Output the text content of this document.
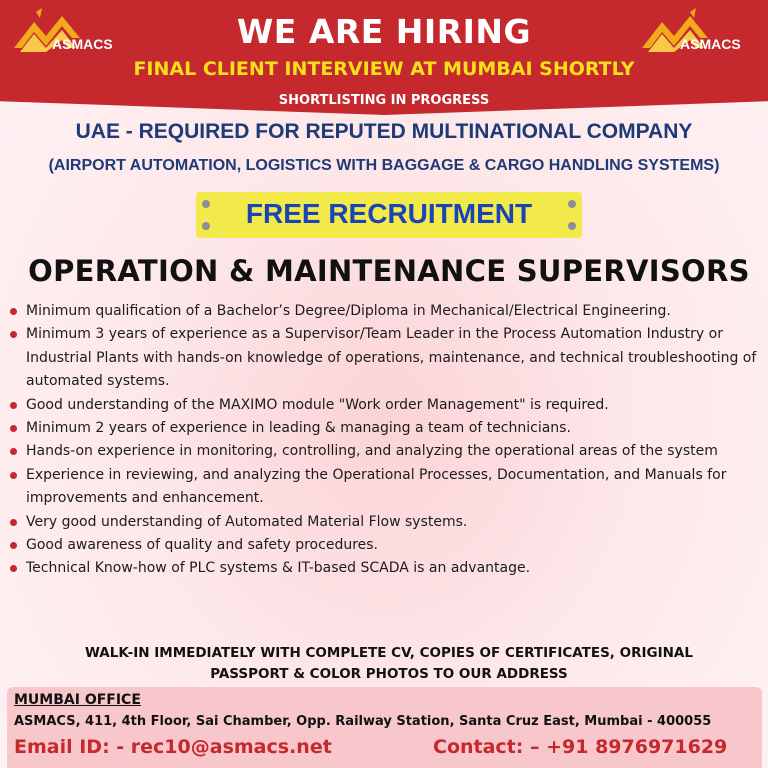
ASMACS	ASMACS
WE ARE HIRING
FINAL CLIENT INTERVIEW AT MUMBAI SHORTLY
SHORTLISTING IN PROGRESS
UAE - REQUIRED FOR REPUTED MULTINATIONAL COMPANY
(AIRPORT AUTOMATION, LOGISTICS WITH BAGGAGE & CARGO HANDLING SYSTEMS)
FREE RECRUITMENT
OPERATION & MAINTENANCE SUPERVISORS
Minimum qualification of a Bachelor’s Degree/Diploma in Mechanical/Electrical Engineering.
Minimum 3 years of experience as a Supervisor/Team Leader in the Process Automation Industry or Industrial Plants with hands-on knowledge of operations, maintenance, and technical troubleshooting of automated systems.
Good understanding of the MAXIMO module "Work order Management" is required.
Minimum 2 years of experience in leading & managing a team of technicians.
Hands-on experience in monitoring, controlling, and analyzing the operational areas of the system
Experience in reviewing, and analyzing the Operational Processes, Documentation, and Manuals for improvements and enhancement.
Very good understanding of Automated Material Flow systems.
Good awareness of quality and safety procedures.
Technical Know-how of PLC systems & IT-based SCADA is an advantage.
WALK-IN IMMEDIATELY WITH COMPLETE CV, COPIES OF CERTIFICATES, ORIGINAL
PASSPORT & COLOR PHOTOS TO OUR ADDRESS
MUMBAI OFFICE
ASMACS, 411, 4th Floor, Sai Chamber, Opp. Railway Station, Santa Cruz East, Mumbai - 400055
Email ID: - rec10@asmacs.net	Contact: – +91 8976971629
